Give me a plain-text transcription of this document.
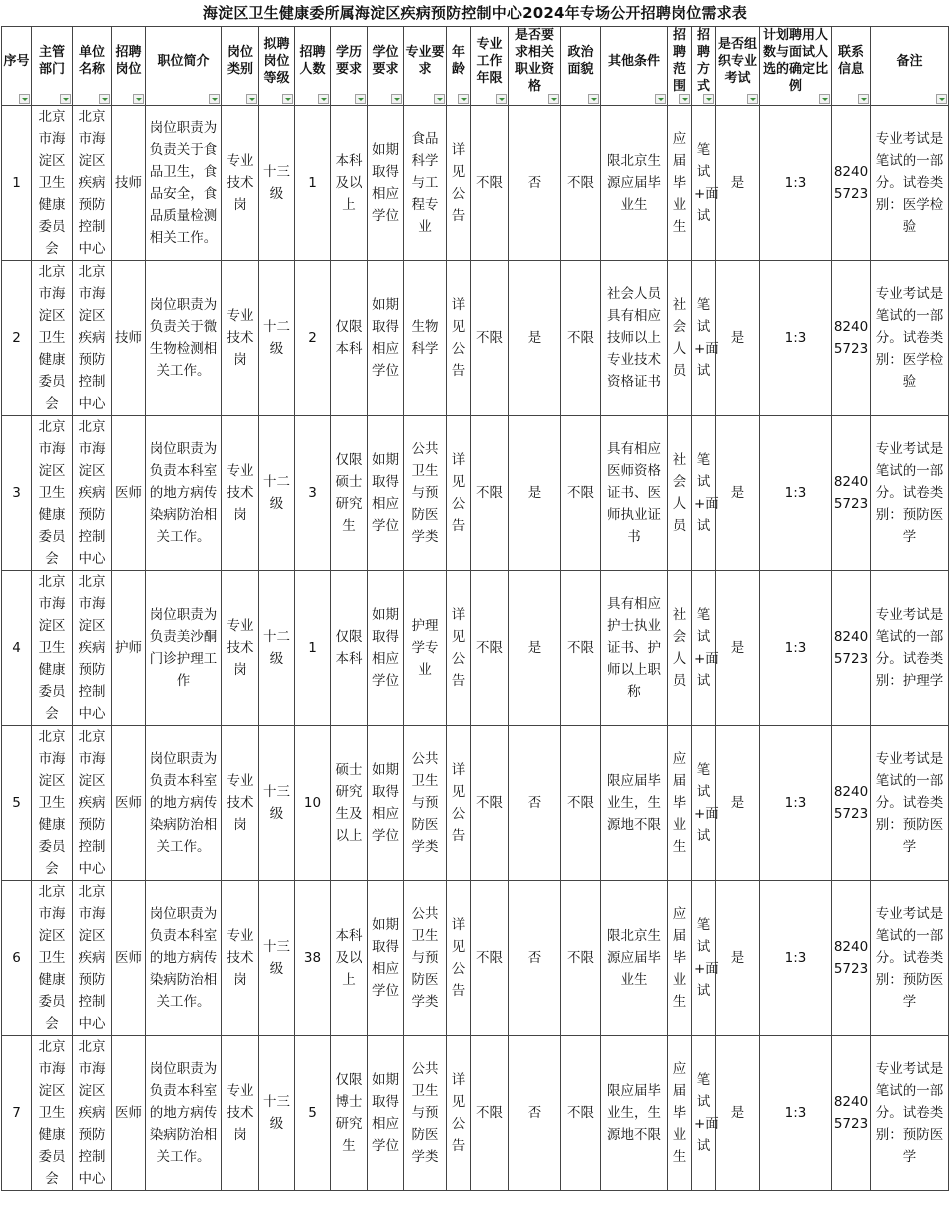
海淀区卫生健康委所属海淀区疾病预防控制中心2024年专场公开招聘岗位需求表
序号	主管部门	单位名称	招聘岗位	职位简介	岗位类别	拟聘岗位等级	招聘人数	学历要求	学位要求	专业要求	年龄	专业工作年限	是否要求相关职业资格	政治面貌	其他条件	招聘范围	招聘方式	是否组织专业考试	计划聘用人数与面试人选的确定比例	联系信息	备注

1	北京市海淀区卫生健康委员会	北京市海淀区疾病预防控制中心	技师	岗位职责为负责关于食品卫生，食品安全，食品质量检测相关工作。	专业技术岗	十三级	1	本科及以上	如期取得相应学位	食品科学与工程专业	详见公告	不限	否	不限	限北京生源应届毕业生	应届毕业生	笔试+面试	是	1:3	82405723	专业考试是笔试的一部分。试卷类别：医学检验

2	北京市海淀区卫生健康委员会	北京市海淀区疾病预防控制中心	技师	岗位职责为负责关于微生物检测相关工作。	专业技术岗	十二级	2	仅限本科	如期取得相应学位	生物科学	详见公告	不限	是	不限	社会人员具有相应技师以上专业技术资格证书	社会人员	笔试+面试	是	1:3	82405723	专业考试是笔试的一部分。试卷类别：医学检验

3	北京市海淀区卫生健康委员会	北京市海淀区疾病预防控制中心	医师	岗位职责为负责本科室的地方病传染病防治相关工作。	专业技术岗	十二级	3	仅限硕士研究生	如期取得相应学位	公共卫生与预防医学类	详见公告	不限	是	不限	具有相应医师资格证书、医师执业证书	社会人员	笔试+面试	是	1:3	82405723	专业考试是笔试的一部分。试卷类别：预防医学

4	北京市海淀区卫生健康委员会	北京市海淀区疾病预防控制中心	护师	岗位职责为负责美沙酮门诊护理工作	专业技术岗	十二级	1	仅限本科	如期取得相应学位	护理学专业	详见公告	不限	是	不限	具有相应护士执业证书、护师以上职称	社会人员	笔试+面试	是	1:3	82405723	专业考试是笔试的一部分。试卷类别：护理学

5	北京市海淀区卫生健康委员会	北京市海淀区疾病预防控制中心	医师	岗位职责为负责本科室的地方病传染病防治相关工作。	专业技术岗	十三级	10	硕士研究生及以上	如期取得相应学位	公共卫生与预防医学类	详见公告	不限	否	不限	限应届毕业生，生源地不限	应届毕业生	笔试+面试	是	1:3	82405723	专业考试是笔试的一部分。试卷类别：预防医学

6	北京市海淀区卫生健康委员会	北京市海淀区疾病预防控制中心	医师	岗位职责为负责本科室的地方病传染病防治相关工作。	专业技术岗	十三级	38	本科及以上	如期取得相应学位	公共卫生与预防医学类	详见公告	不限	否	不限	限北京生源应届毕业生	应届毕业生	笔试+面试	是	1:3	82405723	专业考试是笔试的一部分。试卷类别：预防医学

7	北京市海淀区卫生健康委员会	北京市海淀区疾病预防控制中心	医师	岗位职责为负责本科室的地方病传染病防治相关工作。	专业技术岗	十三级	5	仅限博士研究生	如期取得相应学位	公共卫生与预防医学类	详见公告	不限	否	不限	限应届毕业生，生源地不限	应届毕业生	笔试+面试	是	1:3	82405723	专业考试是笔试的一部分。试卷类别：预防医学
